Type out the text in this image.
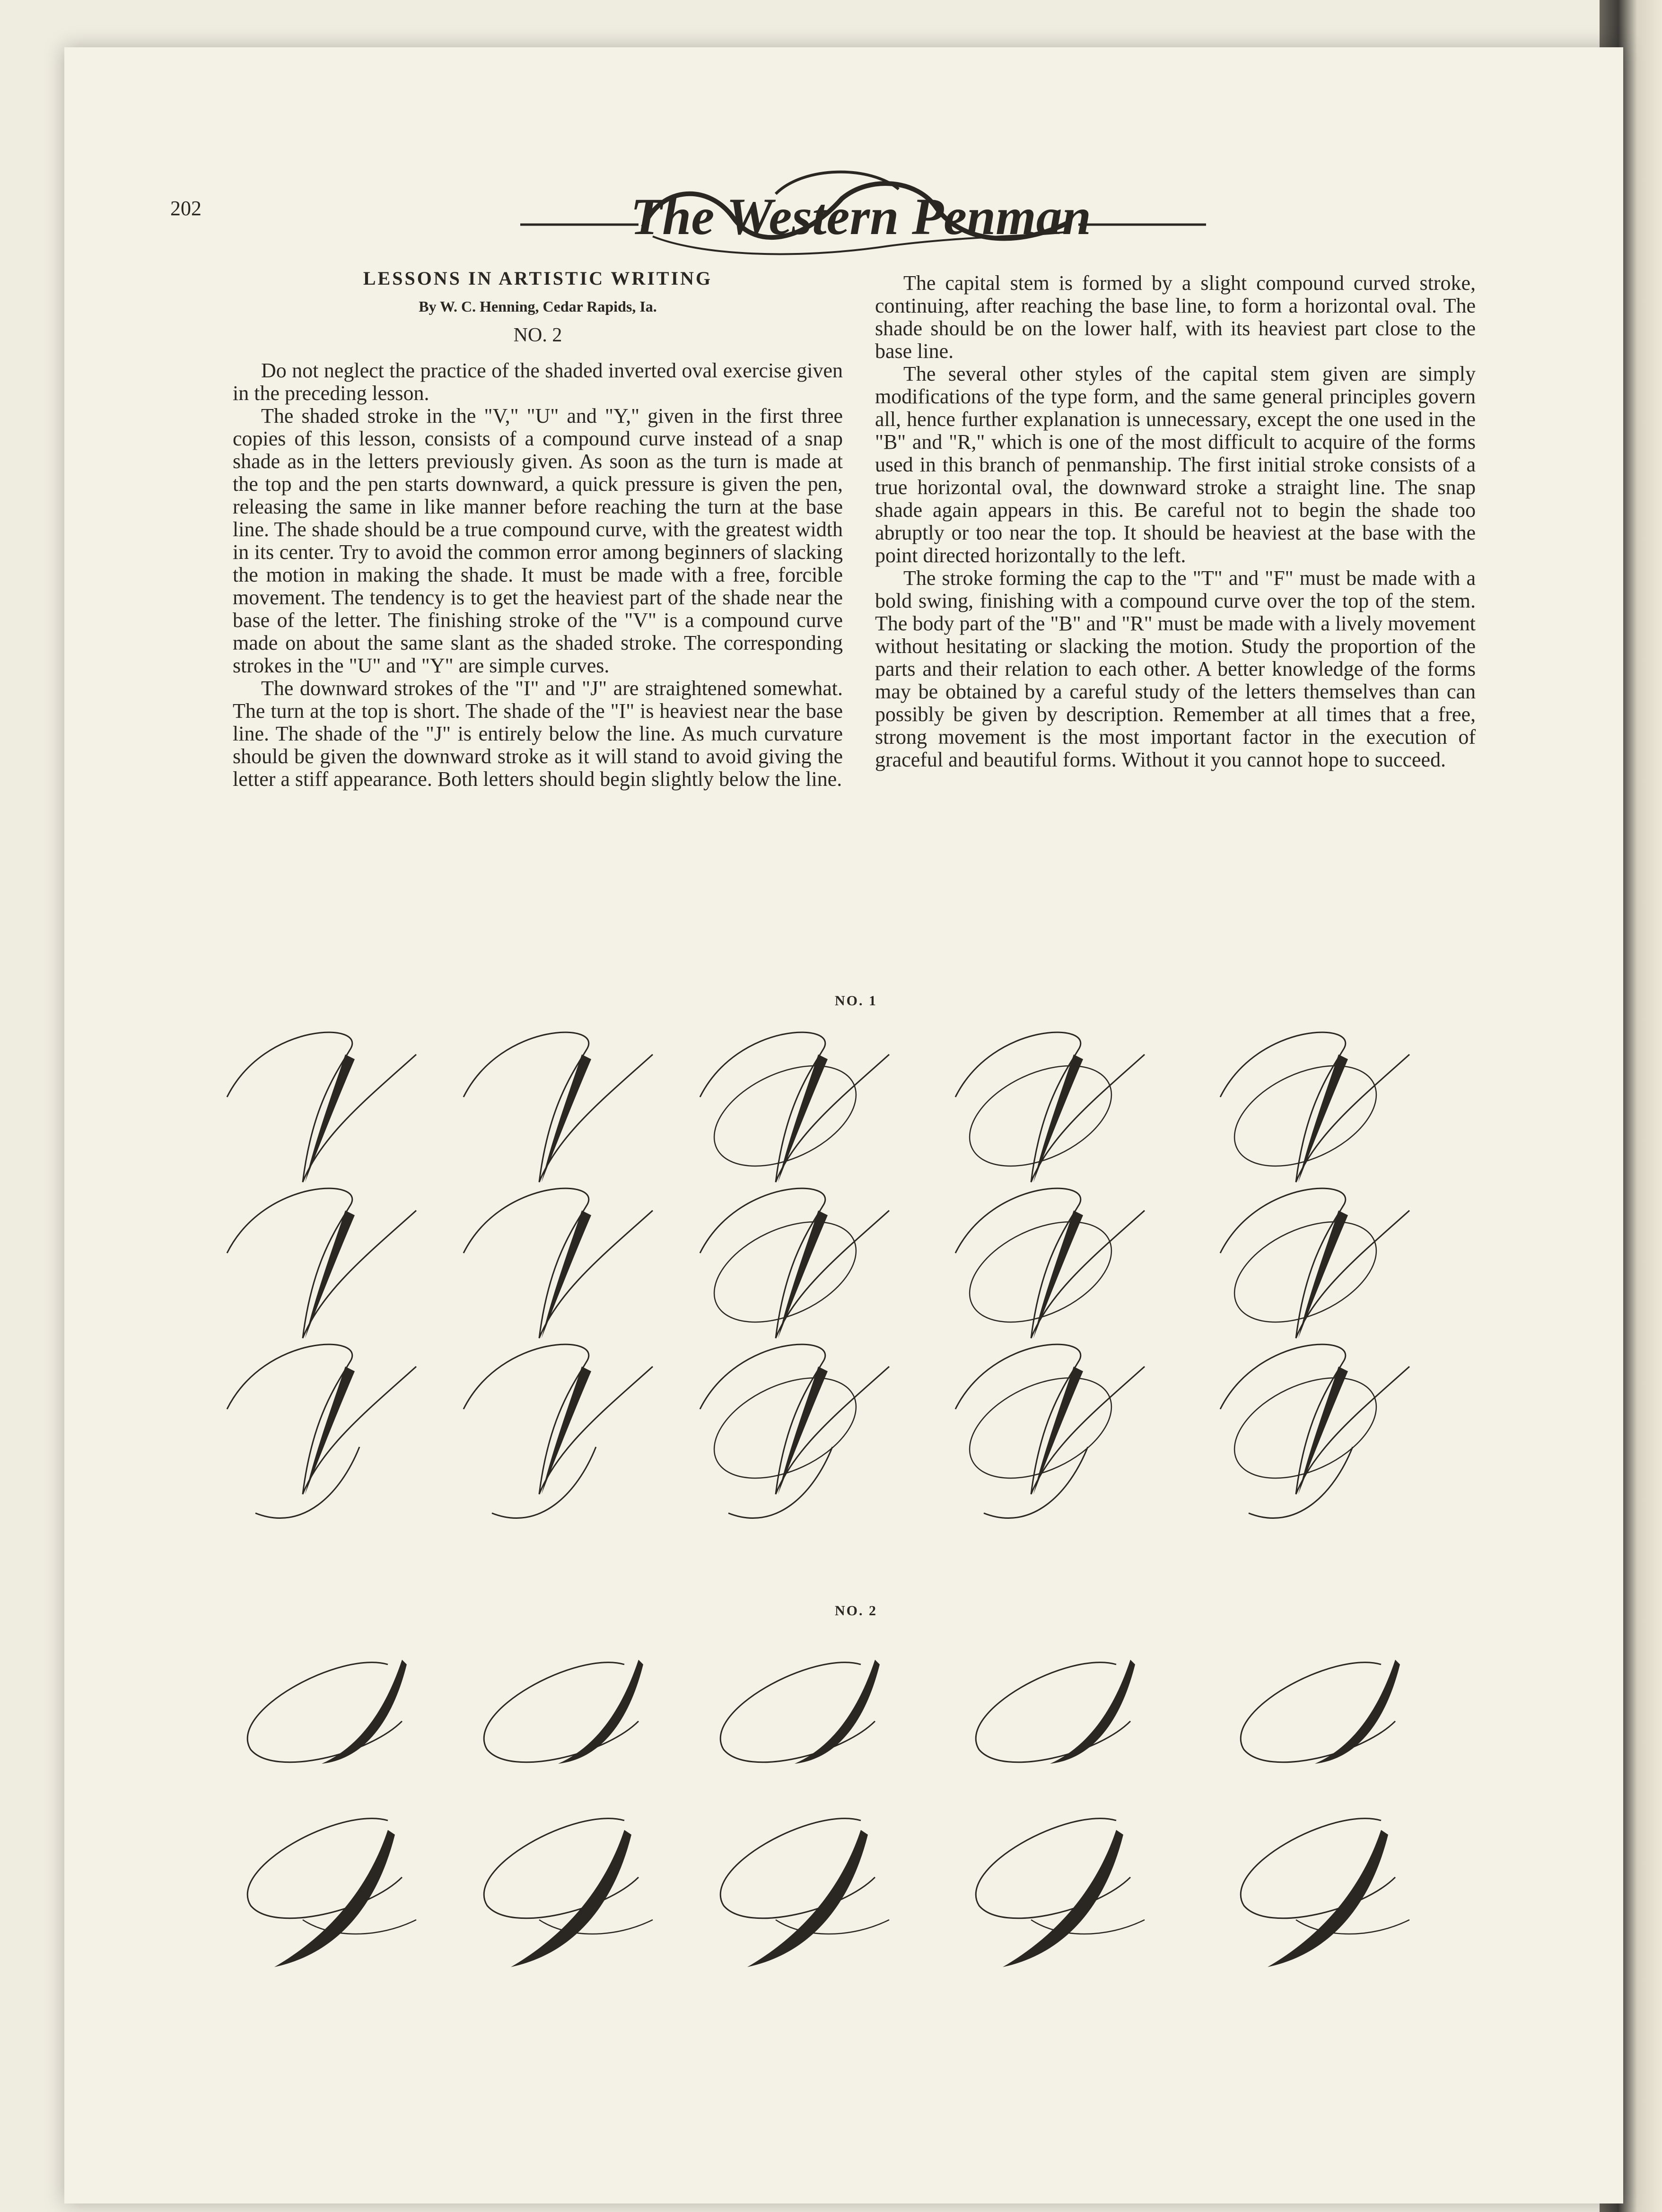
202	The Western Penman
LESSONS IN ARTISTIC WRITING
By W. C. Henning, Cedar Rapids, Ia.
NO. 2

Do not neglect the practice of the shaded inverted oval exercise given in the preceding lesson.

The shaded stroke in the "V," "U" and "Y," given in the first three copies of this lesson, consists of a compound curve instead of a snap shade as in the letters previously given. As soon as the turn is made at the top and the pen starts downward, a quick pressure is given the pen, releasing the same in like manner before reaching the turn at the base line. The shade should be a true compound curve, with the greatest width in its center. Try to avoid the common error among beginners of slacking the motion in making the shade. It must be made with a free, forcible movement. The tendency is to get the heaviest part of the shade near the base of the letter. The finishing stroke of the "V" is a compound curve made on about the same slant as the shaded stroke. The corresponding strokes in the "U" and "Y" are simple curves.

The downward strokes of the "I" and "J" are straightened somewhat. The turn at the top is short. The shade of the "I" is heaviest near the base line. The shade of the "J" is entirely below the line. As much curvature should be given the downward stroke as it will stand to avoid giving the letter a stiff appearance. Both letters should begin slightly below the line.

The capital stem is formed by a slight compound curved stroke, continuing, after reaching the base line, to form a horizontal oval. The shade should be on the lower half, with its heaviest part close to the base line.

The several other styles of the capital stem given are simply modifications of the type form, and the same general principles govern all, hence further explanation is unnecessary, except the one used in the "B" and "R," which is one of the most difficult to acquire of the forms used in this branch of penmanship. The first initial stroke consists of a true horizontal oval, the downward stroke a straight line. The snap shade again appears in this. Be careful not to begin the shade too abruptly or too near the top. It should be heaviest at the base with the point directed horizontally to the left.

The stroke forming the cap to the "T" and "F" must be made with a bold swing, finishing with a compound curve over the top of the stem. The body part of the "B" and "R" must be made with a lively movement without hesitating or slacking the motion. Study the proportion of the parts and their relation to each other. A better knowledge of the forms may be obtained by a careful study of the letters themselves than can possibly be given by description. Remember at all times that a free, strong movement is the most important factor in the execution of graceful and beautiful forms. Without it you cannot hope to succeed.

NO. 1
NO. 2
